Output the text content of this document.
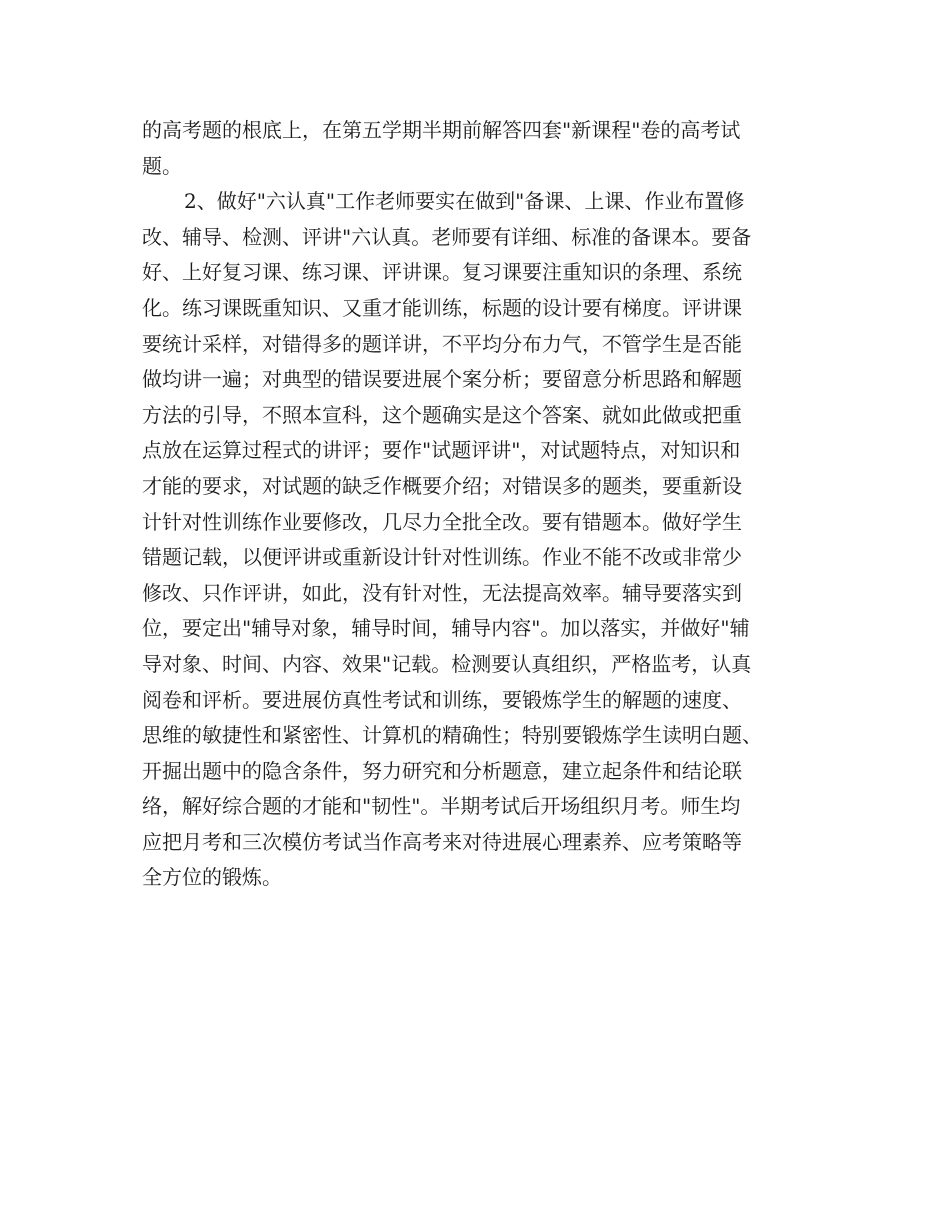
的高考题的根底上，在第五学期半期前解答四套"新课程"卷的高考试
题。
2、做好"六认真"工作老师要实在做到"备课、上课、作业布置修
改、辅导、检测、评讲"六认真。老师要有详细、标准的备课本。要备
好、上好复习课、练习课、评讲课。复习课要注重知识的条理、系统
化。练习课既重知识、又重才能训练，标题的设计要有梯度。评讲课
要统计采样，对错得多的题详讲，不平均分布力气，不管学生是否能
做均讲一遍；对典型的错误要进展个案分析；要留意分析思路和解题
方法的引导，不照本宣科，这个题确实是这个答案、就如此做或把重
点放在运算过程式的讲评；要作"试题评讲"，对试题特点，对知识和
才能的要求，对试题的缺乏作概要介绍；对错误多的题类，要重新设
计针对性训练作业要修改，几尽力全批全改。要有错题本。做好学生
错题记载，以便评讲或重新设计针对性训练。作业不能不改或非常少
修改、只作评讲，如此，没有针对性，无法提高效率。辅导要落实到
位，要定出"辅导对象，辅导时间，辅导内容"。加以落实，并做好"辅
导对象、时间、内容、效果"记载。检测要认真组织，严格监考，认真
阅卷和评析。要进展仿真性考试和训练，要锻炼学生的解题的速度、
思维的敏捷性和紧密性、计算机的精确性；特别要锻炼学生读明白题、
开掘出题中的隐含条件，努力研究和分析题意，建立起条件和结论联
络，解好综合题的才能和"韧性"。半期考试后开场组织月考。师生均
应把月考和三次模仿考试当作高考来对待进展心理素养、应考策略等
全方位的锻炼。
